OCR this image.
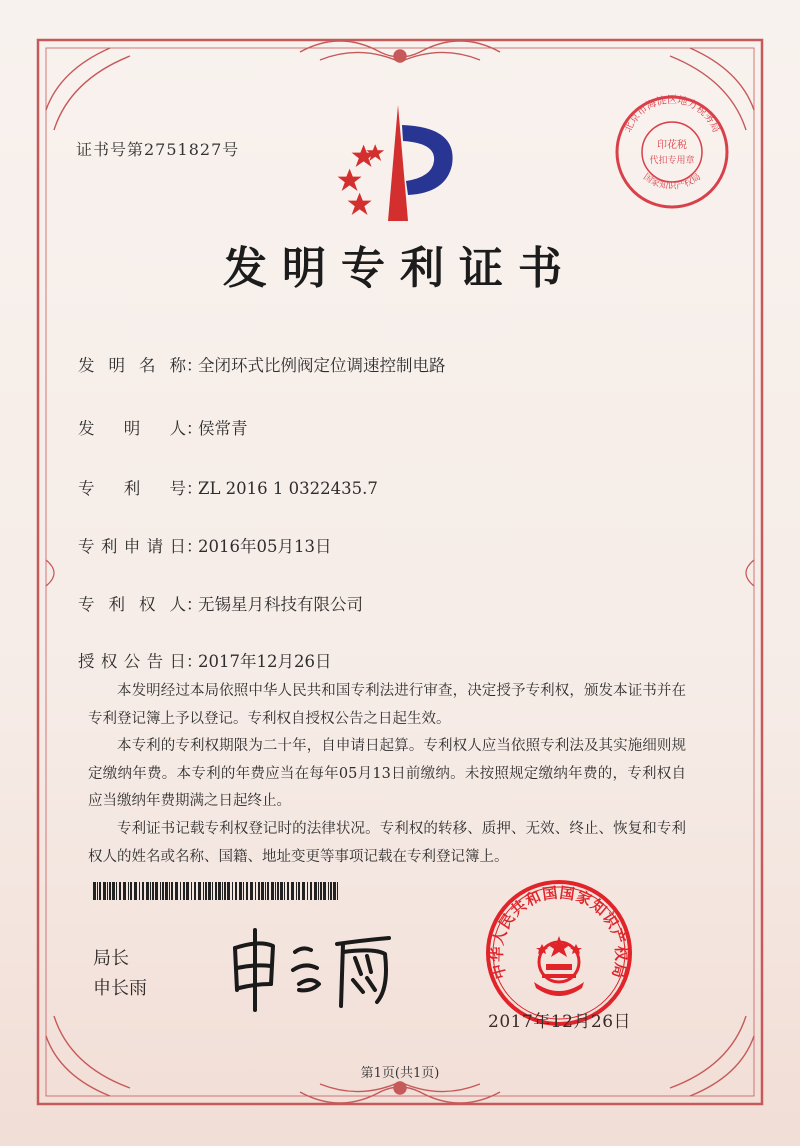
证书号第2751827号
北京市海淀区地方税务局
国家知识产权局
印花税
代扣专用章
发明专利证书
发明名称：全闭环式比例阀定位调速控制电路
发明人：侯常青
专利号：ZL 2016 1 0322435.7
专利申请日：2016年05月13日
专利权人：无锡星月科技有限公司
授权公告日：2017年12月26日

本发明经过本局依照中华人民共和国专利法进行审查，决定授予专利权，颁发本证书并在专利登记簿上予以登记。专利权自授权公告之日起生效。

本专利的专利权期限为二十年，自申请日起算。专利权人应当依照专利法及其实施细则规定缴纳年费。本专利的年费应当在每年05月13日前缴纳。未按照规定缴纳年费的，专利权自应当缴纳年费期满之日起终止。

专利证书记载专利权登记时的法律状况。专利权的转移、质押、无效、终止、恢复和专利权人的姓名或名称、国籍、地址变更等事项记载在专利登记簿上。

局长
申长雨
中华人民共和国国家知识产权局
2017年12月26日
第1页(共1页)
